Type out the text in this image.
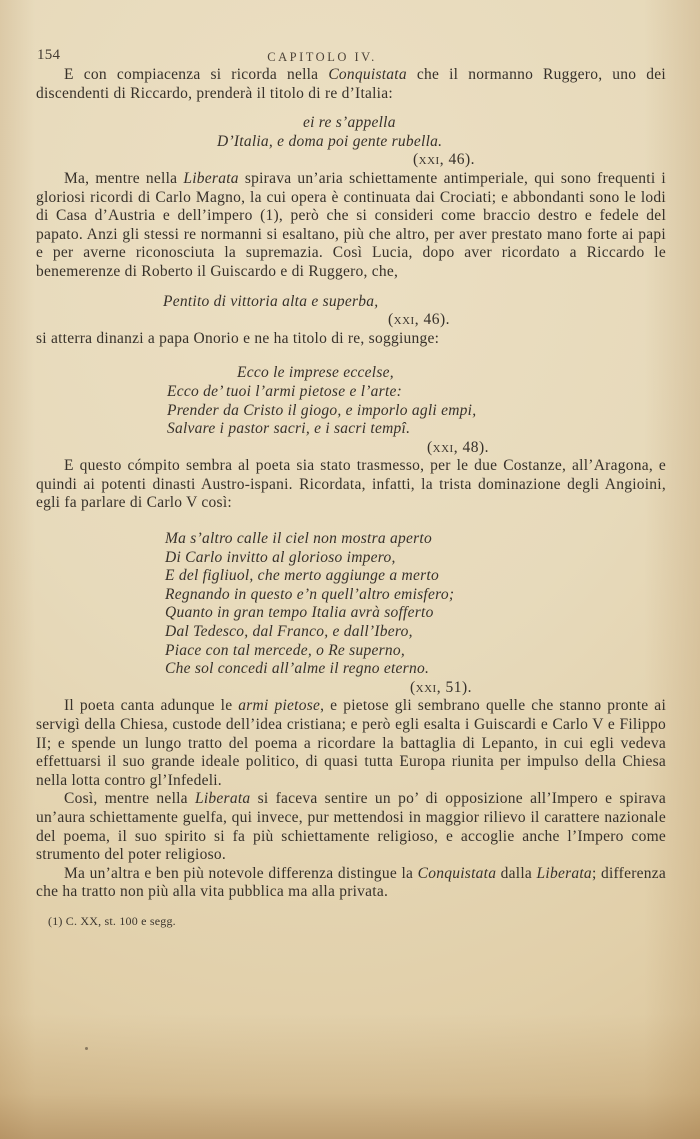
154	CAPITOLO IV.

E con compiacenza si ricorda nella Conquistata che il normanno Ruggero, uno dei discendenti di Riccardo, prenderà il titolo di re d’Italia:

ei re s’appella
D’Italia, e doma poi gente rubella.
(xxi, 46).

Ma, mentre nella Liberata spirava un’aria schiettamente antimperiale, qui sono frequenti i gloriosi ricordi di Carlo Magno, la cui opera è continuata dai Crociati; e abbondanti sono le lodi di Casa d’Austria e dell’impero (1), però che si consideri come braccio destro e fedele del papato. Anzi gli stessi re normanni si esaltano, più che altro, per aver prestato mano forte ai papi e per averne riconosciuta la supremazia. Così Lucia, dopo aver ricordato a Riccardo le benemerenze di Roberto il Guiscardo e di Ruggero, che,

Pentito di vittoria alta e superba,
(xxi, 46).

si atterra dinanzi a papa Onorio e ne ha titolo di re, soggiunge:

Ecco le imprese eccelse,
Ecco de’ tuoi l’armi pietose e l’arte:
Prender da Cristo il giogo, e imporlo agli empi,
Salvare i pastor sacri, e i sacri tempî.
(xxi, 48).

E questo cómpito sembra al poeta sia stato trasmesso, per le due Costanze, all’Aragona, e quindi ai potenti dinasti Austro-ispani. Ricordata, infatti, la trista dominazione degli Angioini, egli fa parlare di Carlo V così:

Ma s’altro calle il ciel non mostra aperto
Di Carlo invitto al glorioso impero,
E del figliuol, che merto aggiunge a merto
Regnando in questo e’n quell’altro emisfero;
Quanto in gran tempo Italia avrà sofferto
Dal Tedesco, dal Franco, e dall’Ibero,
Piace con tal mercede, o Re superno,
Che sol concedi all’alme il regno eterno.
(xxi, 51).

Il poeta canta adunque le armi pietose, e pietose gli sembrano quelle che stanno pronte ai servigì della Chiesa, custode dell’idea cristiana; e però egli esalta i Guiscardi e Carlo V e Filippo II; e spende un lungo tratto del poema a ricordare la battaglia di Lepanto, in cui egli vedeva effettuarsi il suo grande ideale politico, di quasi tutta Europa riunita per impulso della Chiesa nella lotta contro gl’Infedeli.

Così, mentre nella Liberata si faceva sentire un po’ di opposizione all’Impero e spirava un’aura schiettamente guelfa, qui invece, pur mettendosi in maggior rilievo il carattere nazionale del poema, il suo spirito si fa più schiettamente religioso, e accoglie anche l’Impero come strumento del poter religioso.

Ma un’altra e ben più notevole differenza distingue la Conquistata dalla Liberata; differenza che ha tratto non più alla vita pubblica ma alla privata.

(1) C. XX, st. 100 e segg.
